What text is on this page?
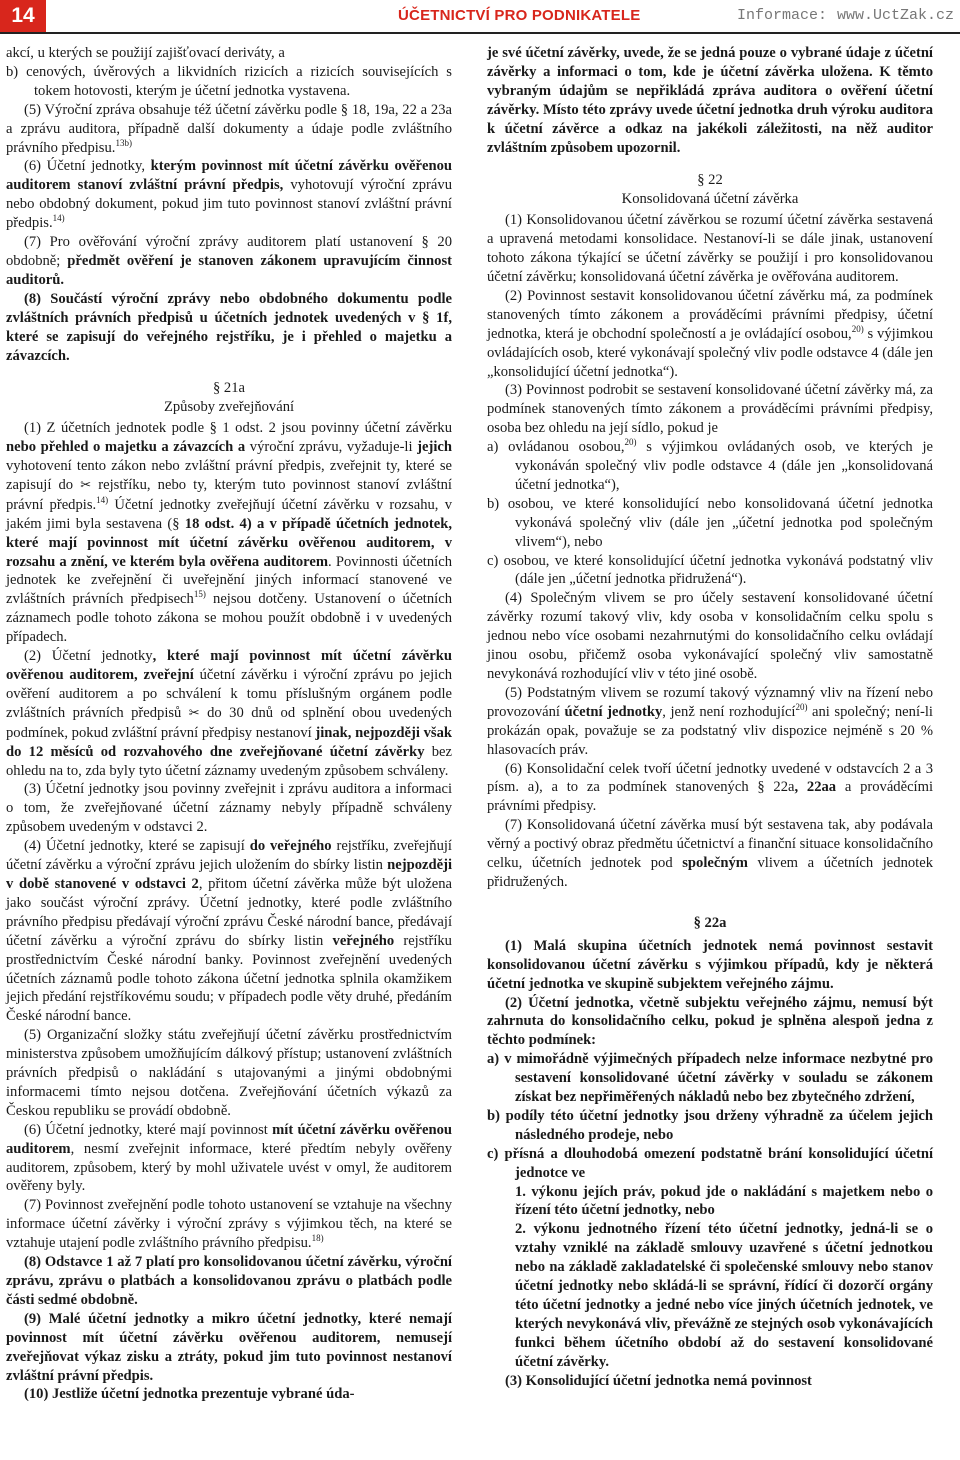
14	ÚČETNICTVÍ PRO PODNIKATELE	Informace: www.UctZak.cz

akcí, u kterých se použijí zajišťovací deriváty, a

b) cenových, úvěrových a likvidních rizicích a rizicích souvisejících s tokem hotovosti, kterým je účetní jednotka vystavena.

(5) Výroční zpráva obsahuje též účetní závěrku podle § 18, 19a, 22 a 23a a zprávu auditora, případně další dokumenty a údaje podle zvláštního právního předpisu.$^{13b)}$

(6) Účetní jednotky, kterým povinnost mít účetní závěrku ověřenou auditorem stanoví zvláštní právní předpis, vyhotovují výroční zprávu nebo obdobný dokument, pokud jim tuto povinnost stanoví zvláštní právní předpis.$^{14)}$

(7) Pro ověřování výroční zprávy auditorem platí ustanovení § 20 obdobně; předmět ověření je stanoven zákonem upravujícím činnost auditorů.

(8) Součástí výroční zprávy nebo obdobného dokumentu podle zvláštních právních předpisů u účetních jednotek uvedených v § 1f, které se zapisují do veřejného rejstříku, je i přehled o majetku a závazcích.

§ 21a

Způsoby zveřejňování

(1) Z účetních jednotek podle § 1 odst. 2 jsou povinny účetní závěrku nebo přehled o majetku a závazcích a výroční zprávu, vyžaduje-li jejich vyhotovení tento zákon nebo zvláštní právní předpis, zveřejnit ty, které se zapisují do ✂ rejstříku, nebo ty, kterým tuto povinnost stanoví zvláštní právní předpis.$^{14)}$ Účetní jednotky zveřejňují účetní závěrku v rozsahu, v jakém jimi byla sestavena (§ 18 odst. 4) a v případě účetních jednotek, které mají povinnost mít účetní závěrku ověřenou auditorem, v rozsahu a znění, ve kterém byla ověřena auditorem. Povinnosti účetních jednotek ke zveřejnění či uveřejnění jiných informací stanovené ve zvláštních právních předpisech$^{15)}$ nejsou dotčeny. Ustanovení o účetních záznamech podle tohoto zákona se mohou použít obdobně i v uvedených případech.

(2) Účetní jednotky, které mají povinnost mít účetní závěrku ověřenou auditorem, zveřejní účetní závěrku i výroční zprávu po jejich ověření auditorem a po schválení k tomu příslušným orgánem podle zvláštních právních předpisů ✂ do 30 dnů od splnění obou uvedených podmínek, pokud zvláštní právní předpisy nestanoví jinak, nejpozději však do 12 měsíců od rozvahového dne zveřejňované účetní závěrky bez ohledu na to, zda byly tyto účetní záznamy uvedeným způsobem schváleny.

(3) Účetní jednotky jsou povinny zveřejnit i zprávu auditora a informaci o tom, že zveřejňované účetní záznamy nebyly případně schváleny způsobem uvedeným v odstavci 2.

(4) Účetní jednotky, které se zapisují do veřejného rejstříku, zveřejňují účetní závěrku a výroční zprávu jejich uložením do sbírky listin nejpozději v době stanovené v odstavci 2, přitom účetní závěrka může být uložena jako součást výroční zprávy. Účetní jednotky, které podle zvláštního právního předpisu předávají výroční zprávu České národní bance, předávají účetní závěrku a výroční zprávu do sbírky listin veřejného rejstříku prostřednictvím České národní banky. Povinnost zveřejnění uvedených účetních záznamů podle tohoto zákona účetní jednotka splnila okamžikem jejich předání rejstříkovému soudu; v případech podle věty druhé, předáním České národní bance.

(5) Organizační složky státu zveřejňují účetní závěrku prostřednictvím ministerstva způsobem umožňujícím dálkový přístup; ustanovení zvláštních právních předpisů o nakládání s utajovanými a jinými obdobnými informacemi tímto nejsou dotčena. Zveřejňování účetních výkazů za Českou republiku se provádí obdobně.

(6) Účetní jednotky, které mají povinnost mít účetní závěrku ověřenou auditorem, nesmí zveřejnit informace, které předtím nebyly ověřeny auditorem, způsobem, který by mohl uživatele uvést v omyl, že auditorem ověřeny byly.

(7) Povinnost zveřejnění podle tohoto ustanovení se vztahuje na všechny informace účetní závěrky i výroční zprávy s výjimkou těch, na které se vztahuje utajení podle zvláštního právního předpisu.$^{18)}$

(8) Odstavce 1 až 7 platí pro konsolidovanou účetní závěrku, výroční zprávu, zprávu o platbách a konsolidovanou zprávu o platbách podle části sedmé obdobně.

(9) Malé účetní jednotky a mikro účetní jednotky, které nemají povinnost mít účetní závěrku ověřenou auditorem, nemusejí zveřejňovat výkaz zisku a ztráty, pokud jim tuto povinnost nestanoví zvláštní právní předpis.

(10) Jestliže účetní jednotka prezentuje vybrané úda-

je své účetní závěrky, uvede, že se jedná pouze o vybrané údaje z účetní závěrky a informaci o tom, kde je účetní závěrka uložena. K těmto vybraným údajům se nepřikládá zpráva auditora o ověření účetní závěrky. Místo této zprávy uvede účetní jednotka druh výroku auditora k účetní závěrce a odkaz na jakékoli záležitosti, na něž auditor zvláštním způsobem upozornil.

§ 22

Konsolidovaná účetní závěrka

(1) Konsolidovanou účetní závěrkou se rozumí účetní závěrka sestavená a upravená metodami konsolidace. Nestanoví-li se dále jinak, ustanovení tohoto zákona týkající se účetní závěrky se použijí i pro konsolidovanou účetní závěrku; konsolidovaná účetní závěrka je ověřována auditorem.

(2) Povinnost sestavit konsolidovanou účetní závěrku má, za podmínek stanovených tímto zákonem a prováděcími právními předpisy, účetní jednotka, která je obchodní společností a je ovládající osobou,$^{20)}$ s výjimkou ovládajících osob, které vykonávají společný vliv podle odstavce 4 (dále jen „konsolidující účetní jednotka“).

(3) Povinnost podrobit se sestavení konsolidované účetní závěrky má, za podmínek stanovených tímto zákonem a prováděcími právními předpisy, osoba bez ohledu na její sídlo, pokud je

a) ovládanou osobou,$^{20)}$ s výjimkou ovládaných osob, ve kterých je vykonáván společný vliv podle odstavce 4 (dále jen „konsolidovaná účetní jednotka“),

b) osobou, ve které konsolidující nebo konsolidovaná účetní jednotka vykonává společný vliv (dále jen „účetní jednotka pod společným vlivem“), nebo

c) osobou, ve které konsolidující účetní jednotka vykonává podstatný vliv (dále jen „účetní jednotka přidružená“).

(4) Společným vlivem se pro účely sestavení konsolidované účetní závěrky rozumí takový vliv, kdy osoba v konsolidačním celku spolu s jednou nebo více osobami nezahrnutými do konsolidačního celku ovládají jinou osobu, přičemž osoba vykonávající společný vliv samostatně nevykonává rozhodující vliv v této jiné osobě.

(5) Podstatným vlivem se rozumí takový významný vliv na řízení nebo provozování účetní jednotky, jenž není rozhodující$^{20)}$ ani společný; není-li prokázán opak, považuje se za podstatný vliv dispozice nejméně s 20 % hlasovacích práv.

(6) Konsolidační celek tvoří účetní jednotky uvedené v odstavcích 2 a 3 písm. a), a to za podmínek stanovených § 22a, 22aa a prováděcími právními předpisy.

(7) Konsolidovaná účetní závěrka musí být sestavena tak, aby podávala věrný a poctivý obraz předmětu účetnictví a finanční situace konsolidačního celku, účetních jednotek pod společným vlivem a účetních jednotek přidružených.

§ 22a

(1) Malá skupina účetních jednotek nemá povinnost sestavit konsolidovanou účetní závěrku s výjimkou případů, kdy je některá účetní jednotka ve skupině subjektem veřejného zájmu.

(2) Účetní jednotka, včetně subjektu veřejného zájmu, nemusí být zahrnuta do konsolidačního celku, pokud je splněna alespoň jedna z těchto podmínek:

a) v mimořádně výjimečných případech nelze informace nezbytné pro sestavení konsolidované účetní závěrky v souladu se zákonem získat bez nepřiměřených nákladů nebo bez zbytečného zdržení,

b) podíly této účetní jednotky jsou drženy výhradně za účelem jejich následného prodeje, nebo

c) přísná a dlouhodobá omezení podstatně brání konsolidující účetní jednotce ve

1. výkonu jejích práv, pokud jde o nakládání s majetkem nebo o řízení této účetní jednotky, nebo

2. výkonu jednotného řízení této účetní jednotky, jedná-li se o vztahy vzniklé na základě smlouvy uzavřené s účetní jednotkou nebo na základě zakladatelské či společenské smlouvy nebo stanov účetní jednotky nebo skládá-li se správní, řídící či dozorčí orgány této účetní jednotky a jedné nebo více jiných účetních jednotek, ve kterých nevykonává vliv, převážně ze stejných osob vykonávajících funkci během účetního období až do sestavení konsolidované účetní závěrky.

(3) Konsolidující účetní jednotka nemá povinnost
